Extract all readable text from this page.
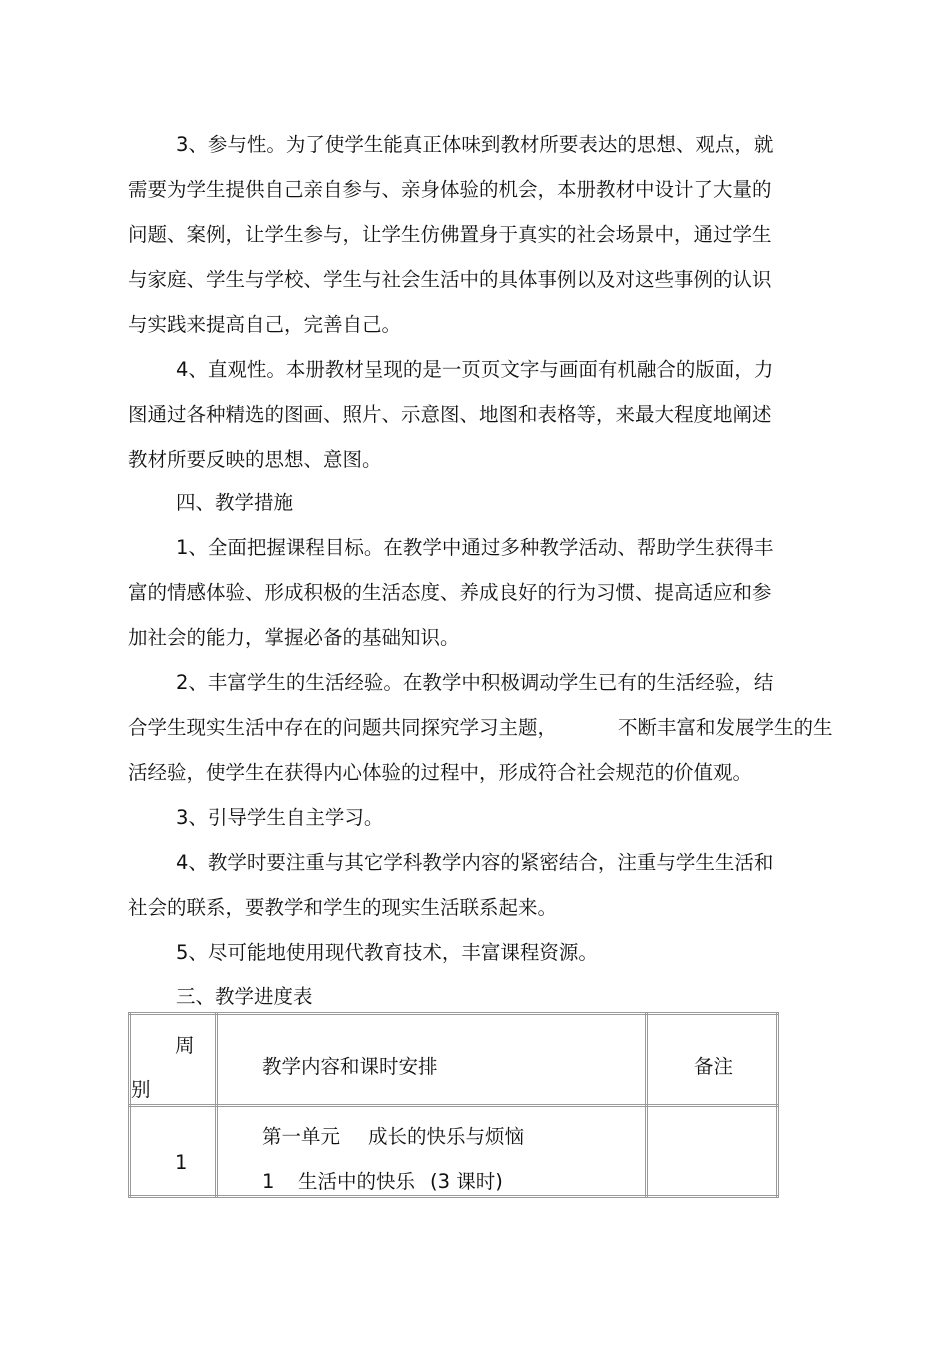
3、参与性。为了使学生能真正体味到教材所要表达的思想、观点，就
需要为学生提供自己亲自参与、亲身体验的机会，本册教材中设计了大量的
问题、案例，让学生参与，让学生仿佛置身于真实的社会场景中，通过学生
与家庭、学生与学校、学生与社会生活中的具体事例以及对这些事例的认识
与实践来提高自己，完善自己。
4、直观性。本册教材呈现的是一页页文字与画面有机融合的版面，力
图通过各种精选的图画、照片、示意图、地图和表格等，来最大程度地阐述
教材所要反映的思想、意图。
四、教学措施
1、全面把握课程目标。在教学中通过多种教学活动、帮助学生获得丰
富的情感体验、形成积极的生活态度、养成良好的行为习惯、提高适应和参
加社会的能力，掌握必备的基础知识。
2、丰富学生的生活经验。在教学中积极调动学生已有的生活经验，结
合学生现实生活中存在的问题共同探究学习主题，	不断丰富和发展学生的生
活经验，使学生在获得内心体验的过程中，形成符合社会规范的价值观。
3、引导学生自主学习。
4、教学时要注重与其它学科教学内容的紧密结合，注重与学生生活和
社会的联系，要教学和学生的现实生活联系起来。
5、尽可能地使用现代教育技术，丰富课程资源。
三、教学进度表
周
别	教学内容和课时安排	备注

1	第一单元 成长的快乐与烦恼
1 生活中的快乐 (3 课时)	
